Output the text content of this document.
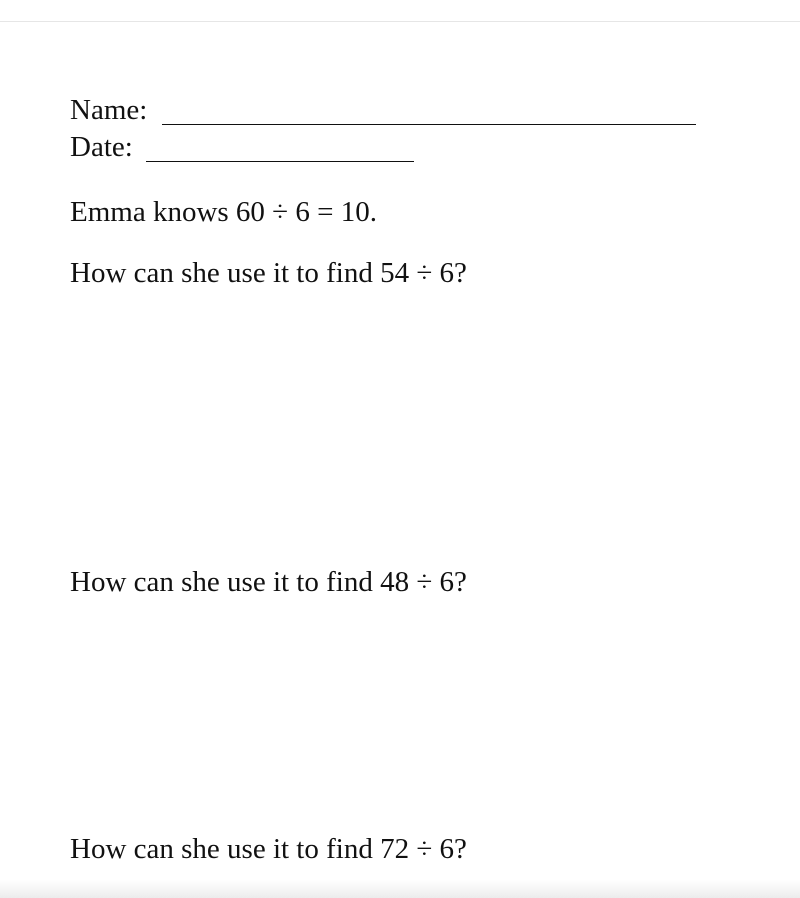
Name:
Date:
Emma knows 60 ÷ 6 = 10.
How can she use it to find 54 ÷ 6?
How can she use it to find 48 ÷ 6?
How can she use it to find 72 ÷ 6?
